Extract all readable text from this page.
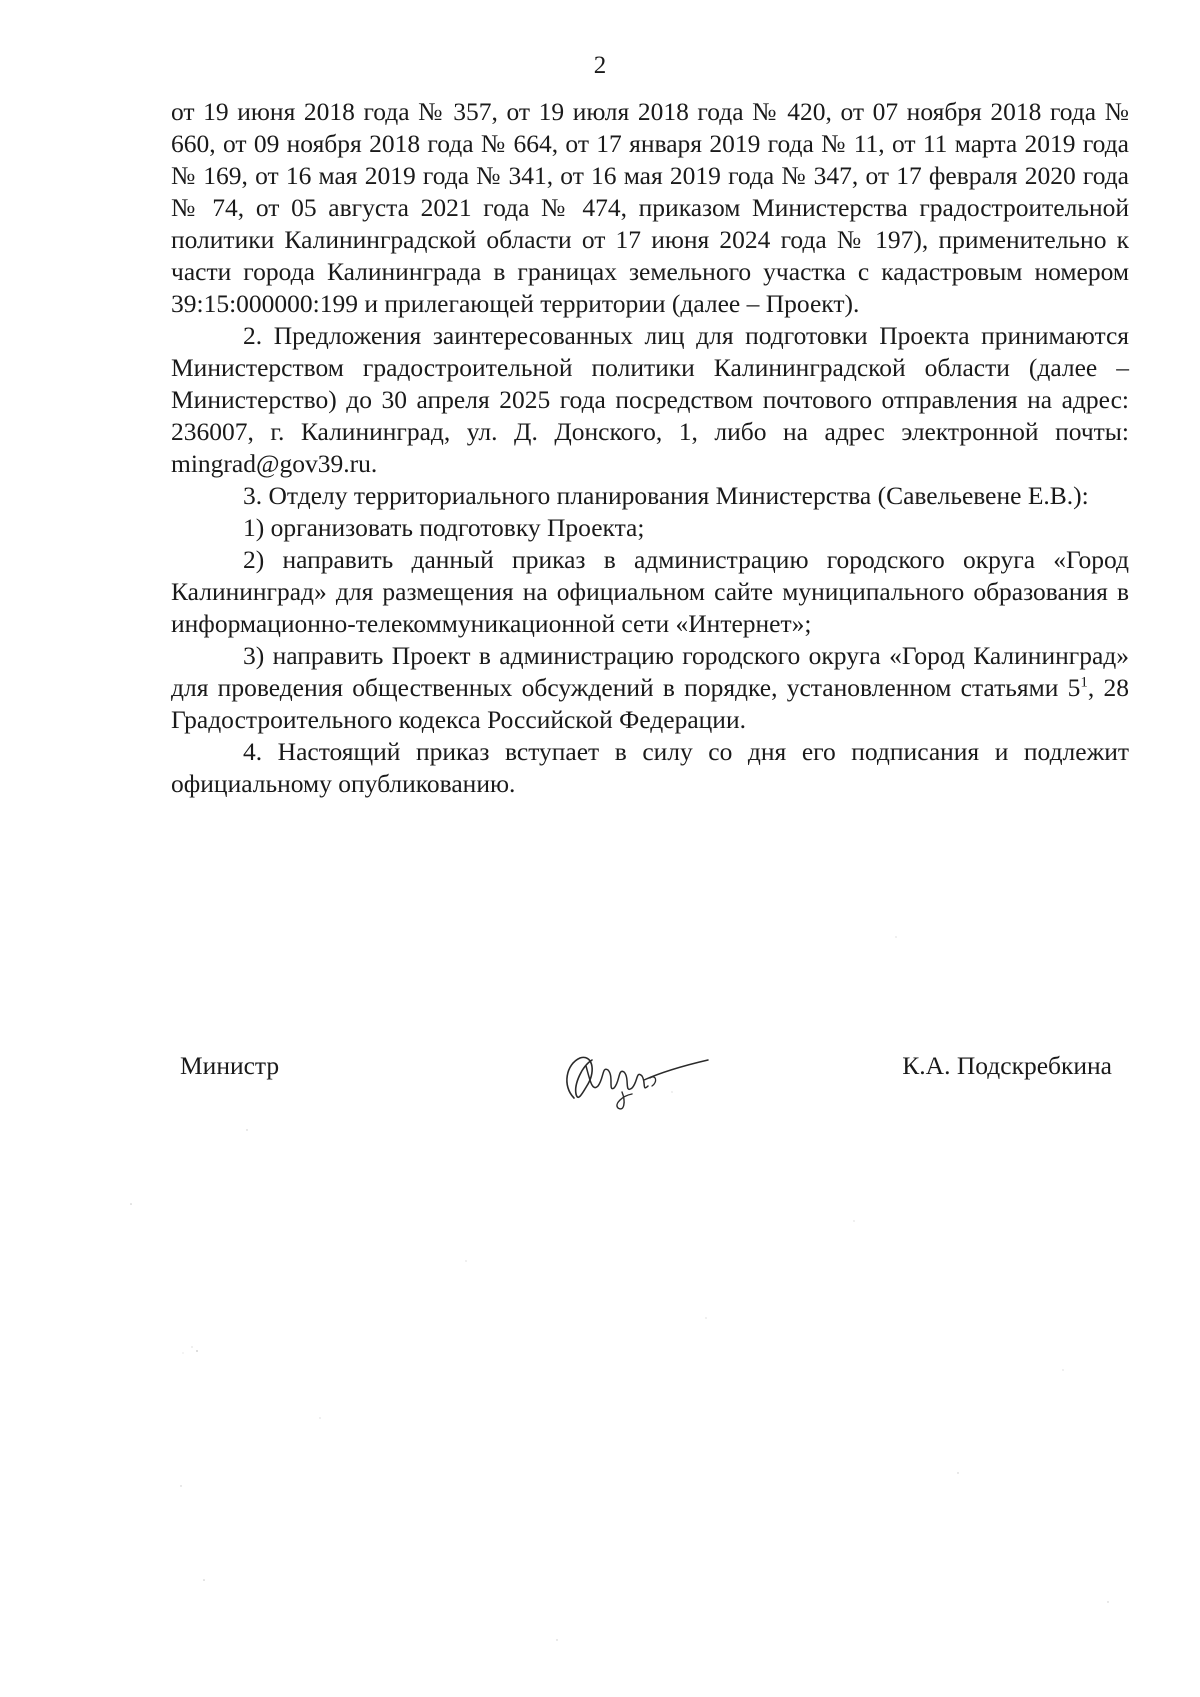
2

от 19 июня 2018 года № 357, от 19 июля 2018 года № 420, от 07 ноября 2018 года № 660, от 09 ноября 2018 года № 664, от 17 января 2019 года № 11, от 11 марта 2019 года № 169, от 16 мая 2019 года № 341, от 16 мая 2019 года № 347, от 17 февраля 2020 года № 74, от 05 августа 2021 года № 474, приказом Министерства градостроительной политики Калининградской области от 17 июня 2024 года № 197), применительно к части города Калининграда в границах земельного участка с кадастровым номером 39:15:000000:199 и прилегающей территории (далее – Проект).

2. Предложения заинтересованных лиц для подготовки Проекта принимаются Министерством градостроительной политики Калининградской области (далее – Министерство) до 30 апреля 2025 года посредством почтового отправления на адрес: 236007, г. Калининград, ул. Д. Донского, 1, либо на адрес электронной почты: mingrad@gov39.ru.

3. Отделу территориального планирования Министерства (Савельевене Е.В.):

1) организовать подготовку Проекта;

2) направить данный приказ в администрацию городского округа «Город Калининград» для размещения на официальном сайте муниципального образования в информационно-телекоммуникационной сети «Интернет»;

3) направить Проект в администрацию городского округа «Город Калининград» для проведения общественных обсуждений в порядке, установленном статьями $5^1$, 28 Градостроительного кодекса Российской Федерации.

4. Настоящий приказ вступает в силу со дня его подписания и подлежит официальному опубликованию.

Министр	К.А. Подскребкина
